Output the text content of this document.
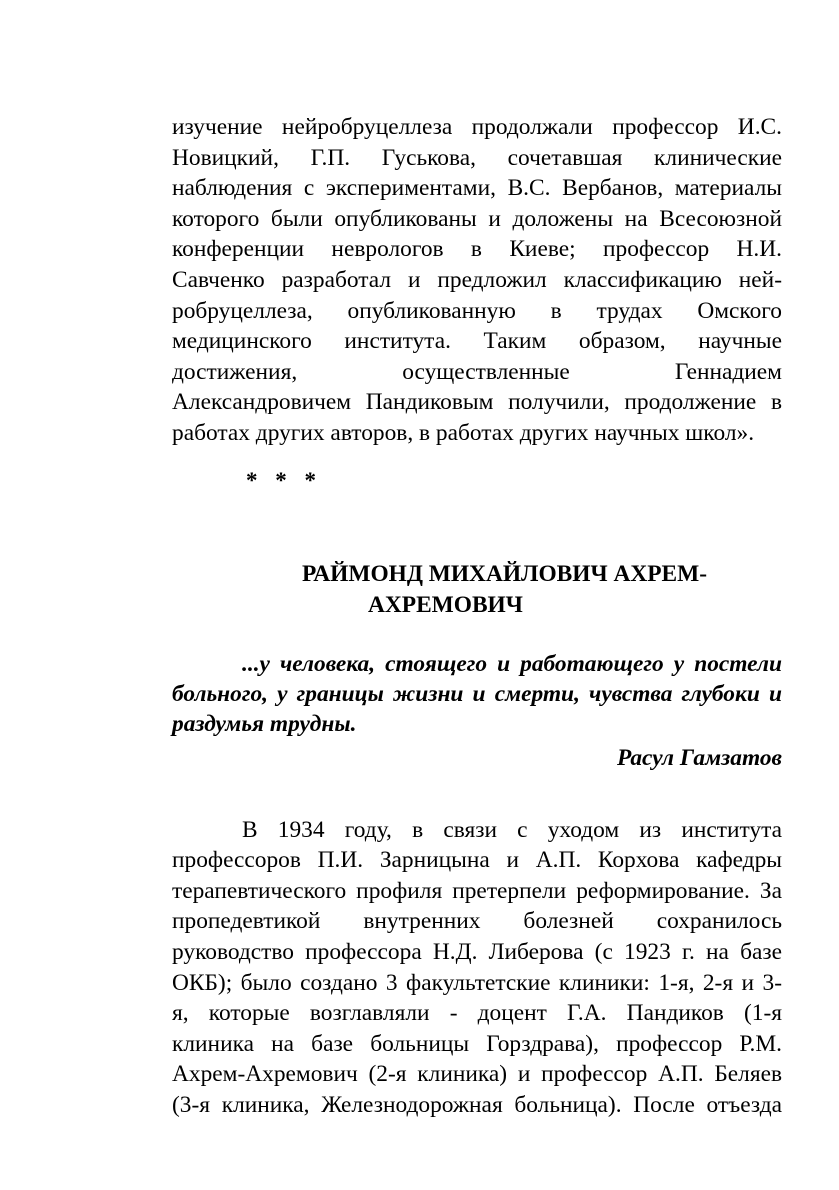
изучение нейробруцеллеза продолжали профессор И.С.
Новицкий, Г.П. Гуськова, сочетавшая клинические
наблюдения с экспериментами, В.С. Вербанов, материалы
которого были опубликованы и доложены на Всесоюзной
конференции неврологов в Киеве; профессор Н.И.
Савченко разработал и предложил классификацию ней-
робруцеллеза, опубликованную в трудах Омского
медицинского института. Таким образом, научные
достижения, осуществленные Геннадием
Александровичем Пандиковым получили, продолжение в
работах других авторов, в работах других научных школ».

* * *

РАЙМОНД МИХАЙЛОВИЧ АХРЕМ-
АХРЕМОВИЧ

...у человека, стоящего и работающего у постели
больного, у границы жизни и смерти, чувства глубоки и
раздумья трудны.

Расул Гамзатов

В 1934 году, в связи с уходом из института
профессоров П.И. Зарницына и А.П. Корхова кафедры
терапевтического профиля претерпели реформирование. За
пропедевтикой внутренних болезней сохранилось
руководство профессора Н.Д. Либерова (с 1923 г. на базе
ОКБ); было создано 3 факультетские клиники: 1-я, 2-я и 3-
я, которые возглавляли - доцент Г.А. Пандиков (1-я
клиника на базе больницы Горздрава), профессор Р.М.
Ахрем-Ахремович (2-я клиника) и профессор А.П. Беляев
(3-я клиника, Железнодорожная больница). После отъезда
